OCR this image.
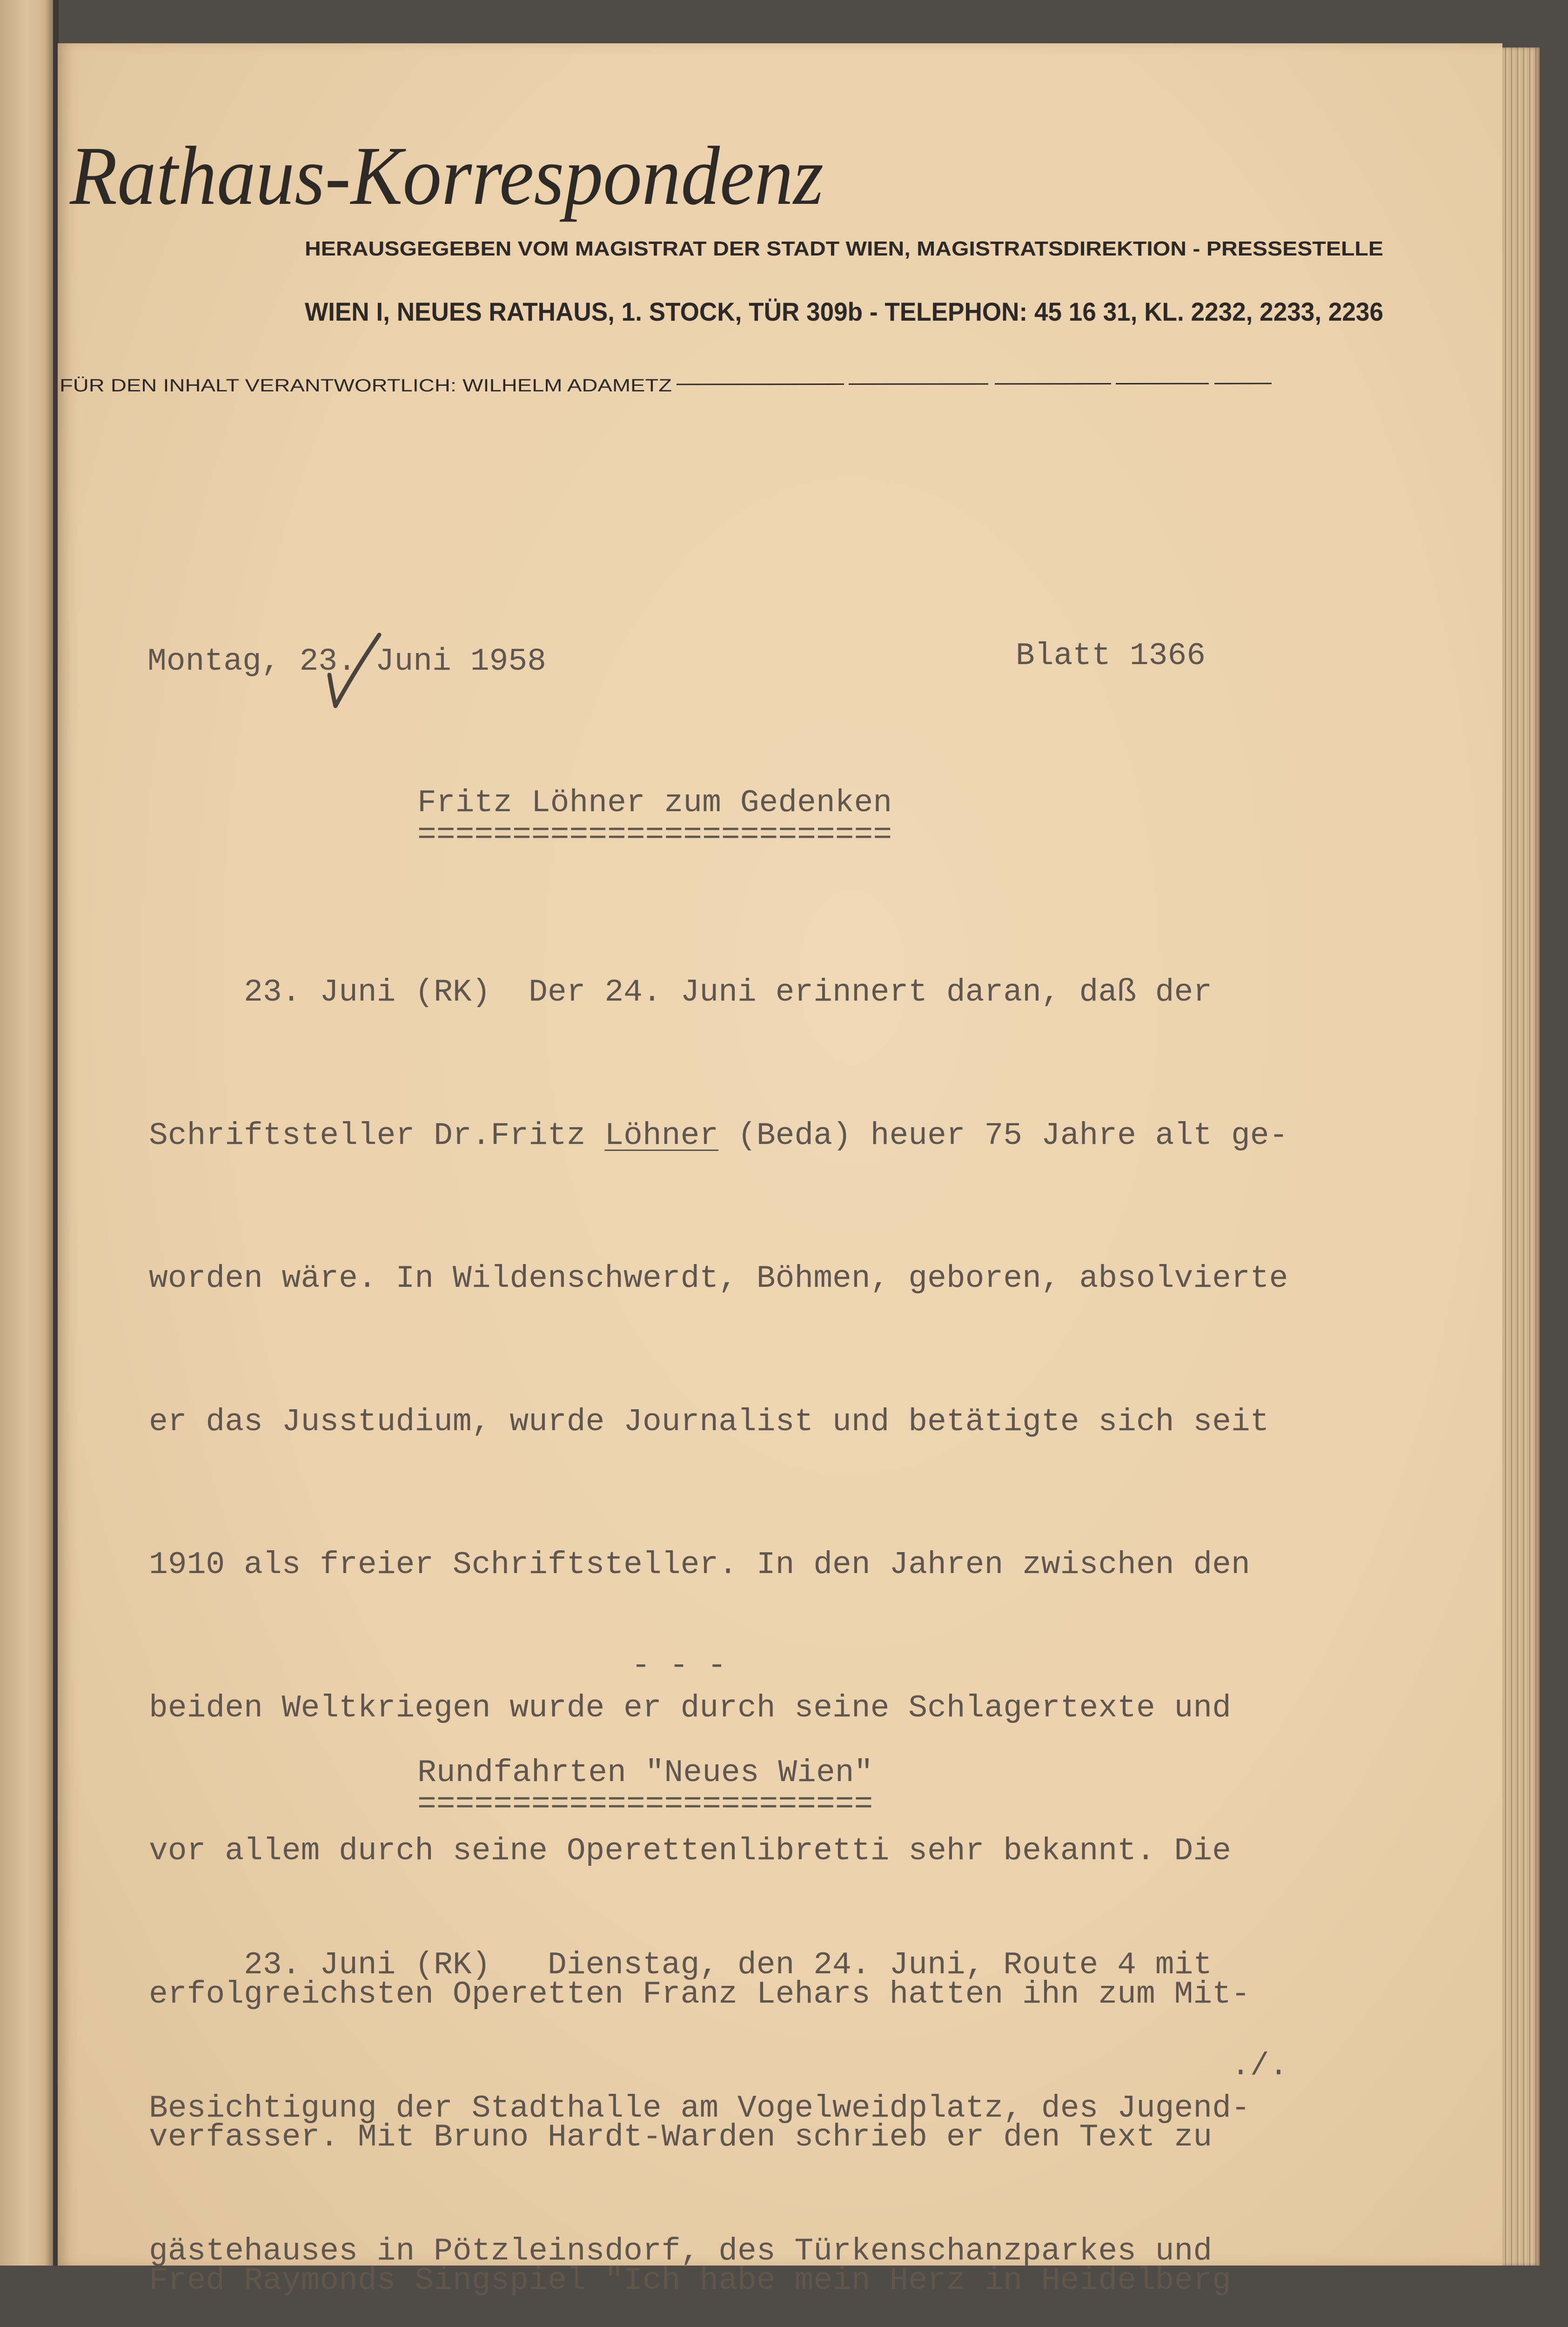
Rathaus-Korrespondenz
HERAUSGEGEBEN VOM MAGISTRAT DER STADT WIEN, MAGISTRATSDIREKTION - PRESSESTELLE
WIEN I, NEUES RATHAUS, 1. STOCK, TÜR 309b - TELEPHON: 45 16 31, KL. 2232, 2233, 2236
FÜR DEN INHALT VERANTWORTLICH: WILHELM ADAMETZ
Montag, 23. Juni 1958	Blatt 1366
Fritz Löhner zum Gedenken
=========================

23. Juni (RK)  Der 24. Juni erinnert daran, daß der

Schriftsteller Dr.Fritz Löhner (Beda) heuer 75 Jahre alt ge-

worden wäre. In Wildenschwerdt, Böhmen, geboren, absolvierte

er das Jusstudium, wurde Journalist und betätigte sich seit

1910 als freier Schriftsteller. In den Jahren zwischen den

beiden Weltkriegen wurde er durch seine Schlagertexte und

vor allem durch seine Operettenlibretti sehr bekannt. Die

erfolgreichsten Operetten Franz Lehars hatten ihn zum Mit-

verfasser. Mit Bruno Hardt-Warden schrieb er den Text zu

Fred Raymonds Singspiel "Ich habe mein Herz in Heidelberg

- - -
Rundfahrten "Neues Wien"
========================

23. Juni (RK)   Dienstag, den 24. Juni, Route 4 mit

Besichtigung der Stadthalle am Vogelweidplatz, des Jugend-

gästehauses in Pötzleinsdorf, des Türkenschanzparkes und

./.
